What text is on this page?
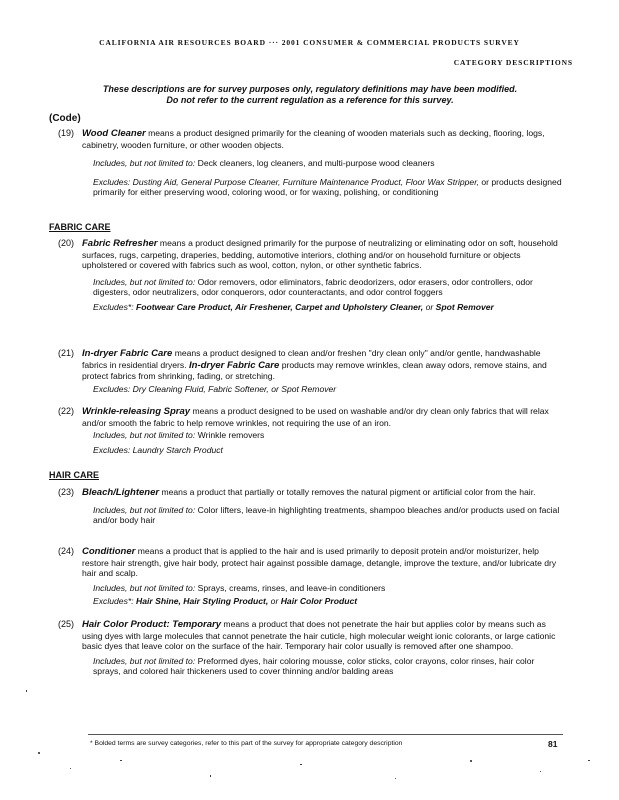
CALIFORNIA AIR RESOURCES BOARD ··· 2001 CONSUMER & COMMERCIAL PRODUCTS SURVEY
CATEGORY DESCRIPTIONS
These descriptions are for survey purposes only, regulatory definitions may have been modified.
Do not refer to the current regulation as a reference for this survey.
(Code)
(19) Wood Cleaner means a product designed primarily for the cleaning of wooden materials such as decking, flooring, logs, cabinetry, wooden furniture, or other wooden objects.
Includes, but not limited to: Deck cleaners, log cleaners, and multi-purpose wood cleaners
Excludes: Dusting Aid, General Purpose Cleaner, Furniture Maintenance Product, Floor Wax Stripper, or products designed primarily for either preserving wood, coloring wood, or for waxing, polishing, or conditioning
FABRIC CARE
(20) Fabric Refresher means a product designed primarily for the purpose of neutralizing or eliminating odor on soft, household surfaces, rugs, carpeting, draperies, bedding, automotive interiors, clothing and/or on household furniture or objects upholstered or covered with fabrics such as wool, cotton, nylon, or other synthetic fabrics.
Includes, but not limited to: Odor removers, odor eliminators, fabric deodorizers, odor erasers, odor controllers, odor digesters, odor neutralizers, odor conquerors, odor counteractants, and odor control foggers
Excludes*: Footwear Care Product, Air Freshener, Carpet and Upholstery Cleaner, or Spot Remover
(21) In-dryer Fabric Care means a product designed to clean and/or freshen "dry clean only" and/or gentle, handwashable fabrics in residential dryers. In-dryer Fabric Care products may remove wrinkles, clean away odors, remove stains, and protect fabrics from shrinking, fading, or stretching.
Excludes: Dry Cleaning Fluid, Fabric Softener, or Spot Remover
(22) Wrinkle-releasing Spray means a product designed to be used on washable and/or dry clean only fabrics that will relax and/or smooth the fabric to help remove wrinkles, not requiring the use of an iron.
Includes, but not limited to: Wrinkle removers
Excludes: Laundry Starch Product
HAIR CARE
(23) Bleach/Lightener means a product that partially or totally removes the natural pigment or artificial color from the hair.
Includes, but not limited to: Color lifters, leave-in highlighting treatments, shampoo bleaches and/or products used on facial and/or body hair
(24) Conditioner means a product that is applied to the hair and is used primarily to deposit protein and/or moisturizer, help restore hair strength, give hair body, protect hair against possible damage, detangle, improve the texture, and/or lubricate dry hair and scalp.
Includes, but not limited to: Sprays, creams, rinses, and leave-in conditioners
Excludes*: Hair Shine, Hair Styling Product, or Hair Color Product
(25) Hair Color Product: Temporary means a product that does not penetrate the hair but applies color by means such as using dyes with large molecules that cannot penetrate the hair cuticle, high molecular weight ionic colorants, or large cationic basic dyes that leave color on the surface of the hair. Temporary hair color usually is removed after one shampoo.
Includes, but not limited to: Preformed dyes, hair coloring mousse, color sticks, color crayons, color rinses, hair color sprays, and colored hair thickeners used to cover thinning and/or balding areas
* Bolded terms are survey categories, refer to this part of the survey for appropriate category description	81
